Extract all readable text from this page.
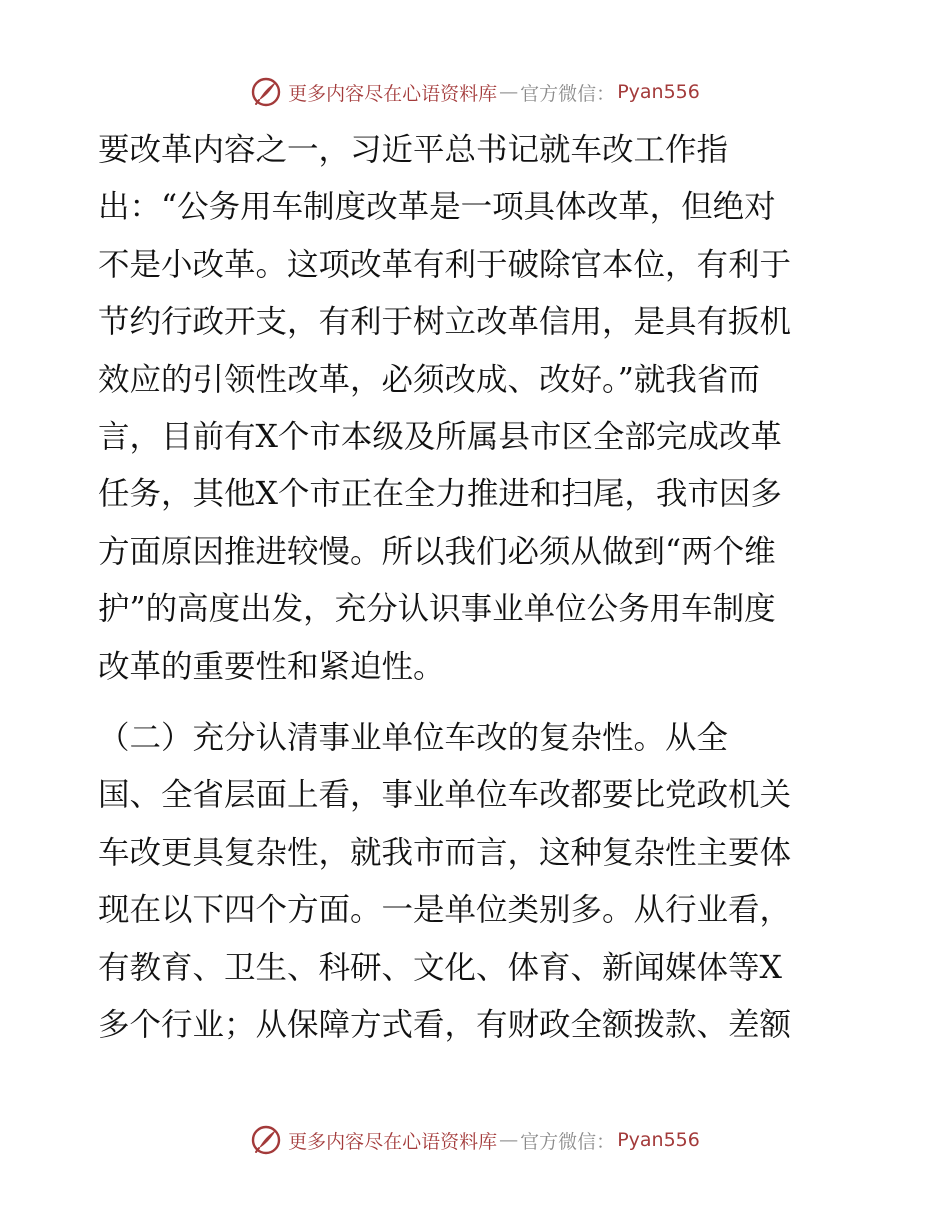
更多内容尽在心语资料库 — 官方微信： Pyan556

要改革内容之一，习近平总书记就车改工作指
出：“公务用车制度改革是一项具体改革，但绝对
不是小改革。这项改革有利于破除官本位，有利于
节约行政开支，有利于树立改革信用，是具有扳机
效应的引领性改革，必须改成、改好。”就我省而
言，目前有X个市本级及所属县市区全部完成改革
任务，其他X个市正在全力推进和扫尾，我市因多
方面原因推进较慢。所以我们必须从做到“两个维
护”的高度出发，充分认识事业单位公务用车制度
改革的重要性和紧迫性。

（二）充分认清事业单位车改的复杂性。从全
国、全省层面上看，事业单位车改都要比党政机关
车改更具复杂性，就我市而言，这种复杂性主要体
现在以下四个方面。一是单位类别多。从行业看，
有教育、卫生、科研、文化、体育、新闻媒体等X
多个行业；从保障方式看，有财政全额拨款、差额

更多内容尽在心语资料库 — 官方微信： Pyan556
